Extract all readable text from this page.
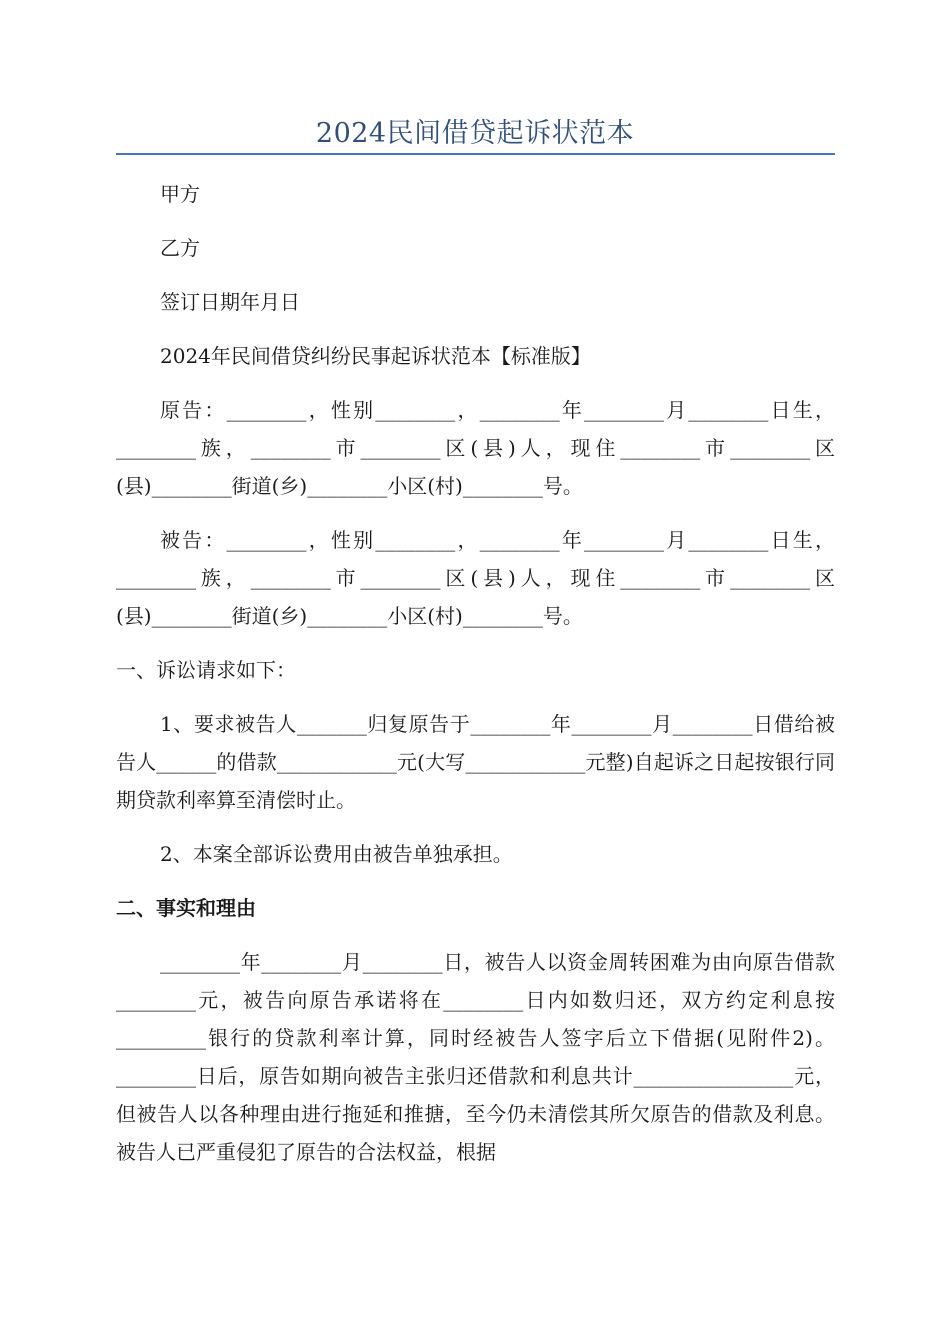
2024民间借贷起诉状范本

甲方

乙方

签订日期年月日

2024年民间借贷纠纷民事起诉状范本【标准版】

原告：________，性别________，________年________月________日生，________族，________市________区(县)人，现住________市________区(县)________街道(乡)________小区(村)________号。

被告：________，性别________，________年________月________日生，________族，________市________区(县)人，现住________市________区(县)________街道(乡)________小区(村)________号。

一、诉讼请求如下：

1、要求被告人_______归复原告于________年________月________日借给被告人______的借款____________元(大写____________元整)自起诉之日起按银行同期贷款利率算至清偿时止。

2、本案全部诉讼费用由被告单独承担。

二、事实和理由

________年________月________日，被告人以资金周转困难为由向原告借款________元，被告向原告承诺将在________日内如数归还，双方约定利息按_________银行的贷款利率计算，同时经被告人签字后立下借据(见附件2)。________日后，原告如期向被告主张归还借款和利息共计________________元，但被告人以各种理由进行拖延和推搪，至今仍未清偿其所欠原告的借款及利息。被告人已严重侵犯了原告的合法权益，根据
